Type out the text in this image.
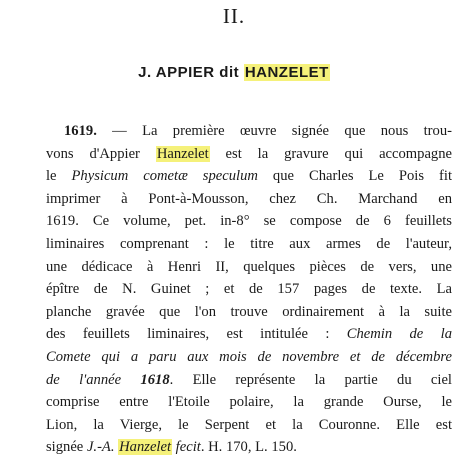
II.
J. APPIER dit HANZELET
1619. — La première œuvre signée que nous trou-
vons d'Appier Hanzelet est la gravure qui accompagne
le Physicum cometæ speculum que Charles Le Pois fit
imprimer à Pont-à-Mousson, chez Ch. Marchand en
1619. Ce volume, pet. in-8° se compose de 6 feuillets
liminaires comprenant : le titre aux armes de l'auteur,
une dédicace à Henri II, quelques pièces de vers, une
épître de N. Guinet ; et de 157 pages de texte. La
planche gravée que l'on trouve ordinairement à la suite
des feuillets liminaires, est intitulée : Chemin de la
Comete qui a paru aux mois de novembre et de décembre
de l'année 1618. Elle représente la partie du ciel
comprise entre l'Etoile polaire, la grande Ourse, le
Lion, la Vierge, le Serpent et la Couronne. Elle est
signée J.-A. Hanzelet fecit. H. 170, L. 150.
